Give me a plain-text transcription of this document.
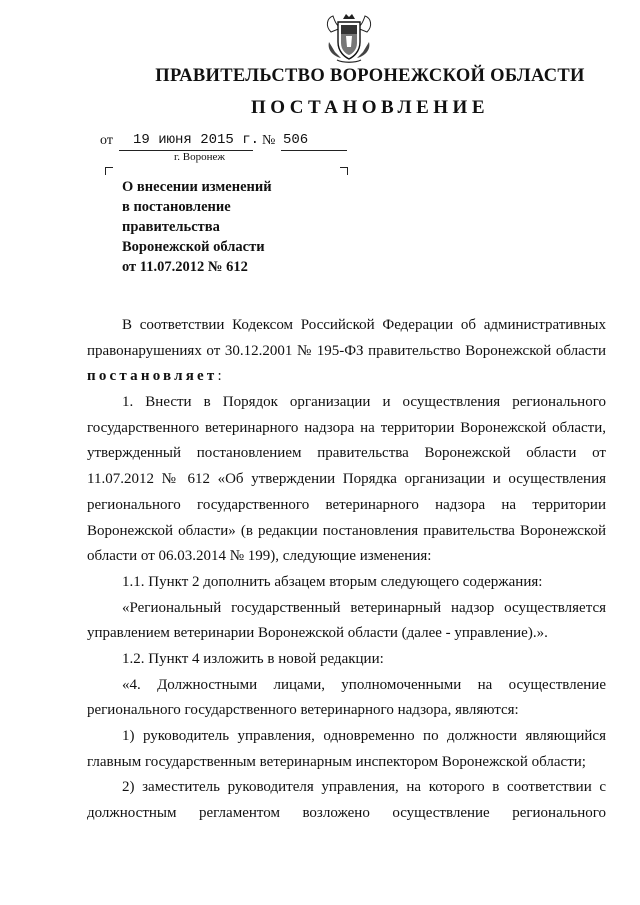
ПРАВИТЕЛЬСТВО ВОРОНЕЖСКОЙ ОБЛАСТИ
ПОСТАНОВЛЕНИЕ
от 19 июня 2015 г. № 506
г. Воронеж
О внесении изменений
в постановление
правительства
Воронежской области
от 11.07.2012 № 612
В соответствии Кодексом Российской Федерации об административных
правонарушениях от 30.12.2001 № 195-ФЗ правительство Воронежской области
постановляет:
1. Внести в Порядок организации и осуществления регионального
государственного ветеринарного надзора на территории Воронежской области,
утвержденный постановлением правительства Воронежской области от
11.07.2012 № 612 «Об утверждении Порядка организации и осуществления
регионального государственного ветеринарного надзора на территории
Воронежской области» (в редакции постановления правительства Воронежской
области от 06.03.2014 № 199), следующие изменения:
1.1. Пункт 2 дополнить абзацем вторым следующего содержания:
«Региональный государственный ветеринарный надзор осуществляется
управлением ветеринарии Воронежской области (далее - управление).».
1.2. Пункт 4 изложить в новой редакции:
«4. Должностными лицами, уполномоченными на осуществление
регионального государственного ветеринарного надзора, являются:
1) руководитель управления, одновременно по должности являющийся
главным государственным ветеринарным инспектором Воронежской области;
2) заместитель руководителя управления, на которого в соответствии с
должностным регламентом возложено осуществление регионального
